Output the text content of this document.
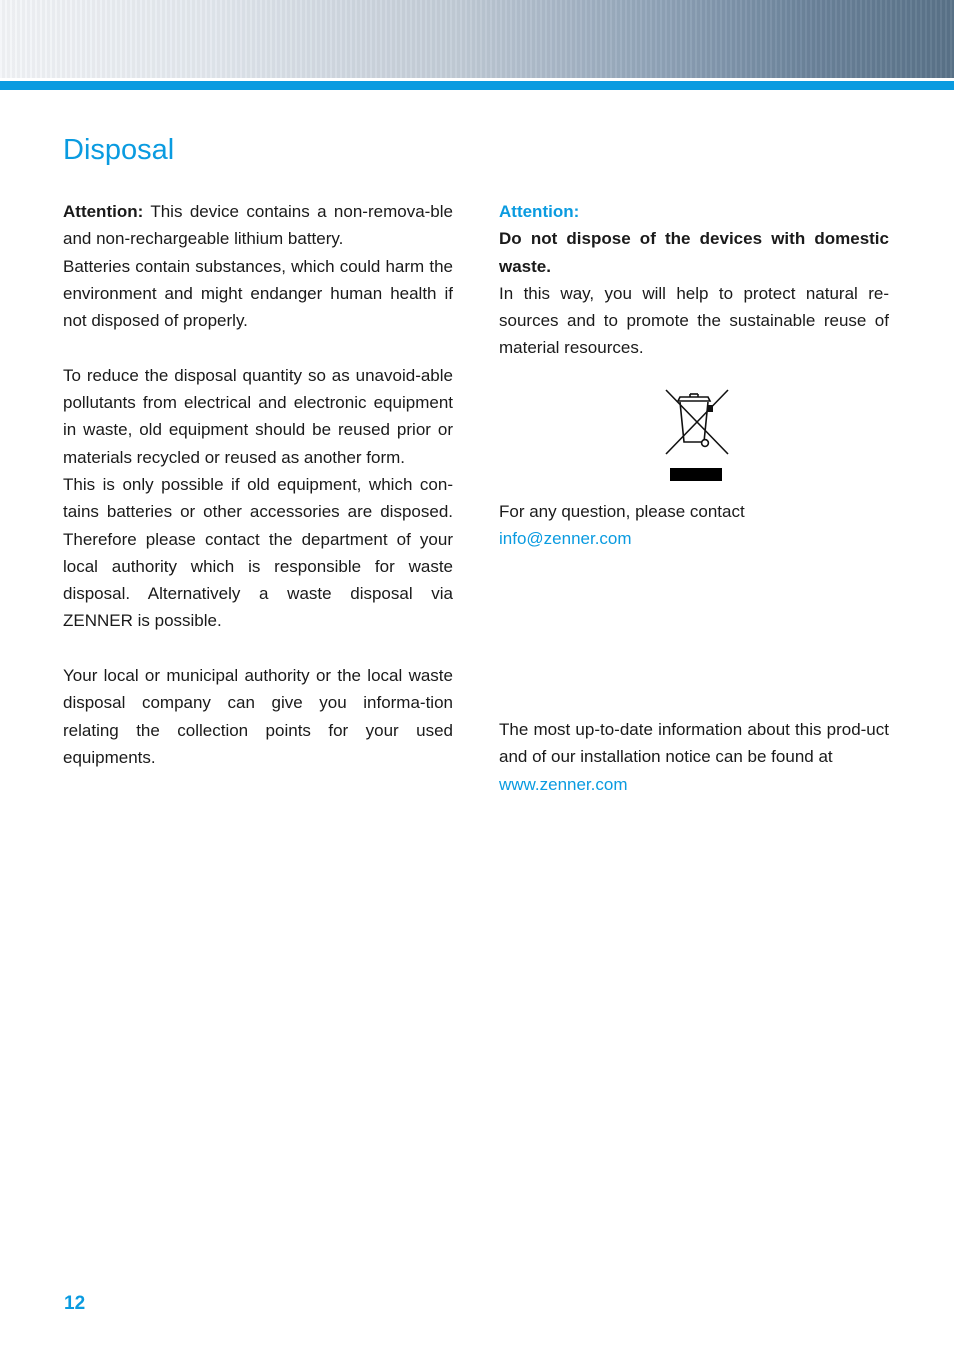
Disposal

Attention: This device contains a non-remova-ble and non-rechargeable lithium battery.

Batteries contain substances, which could harm the environment and might endanger human health if not disposed of properly.

To reduce the disposal quantity so as unavoid-able pollutants from electrical and electronic equipment in waste, old equipment should be reused prior or materials recycled or reused as another form.

This is only possible if old equipment, which con-tains batteries or other accessories are disposed. Therefore please contact the department of your local authority which is responsible for waste disposal. Alternatively a waste disposal via ZENNER is possible.

Your local or municipal authority or the local waste disposal company can give you informa-tion relating the collection points for your used equipments.

Attention:

Do not dispose of the devices with domestic waste.

In this way, you will help to protect natural re-sources and to promote the sustainable reuse of material resources.

For any question, please contact

info@zenner.com

The most up-to-date information about this prod-uct and of our installation notice can be found at

www.zenner.com

12
